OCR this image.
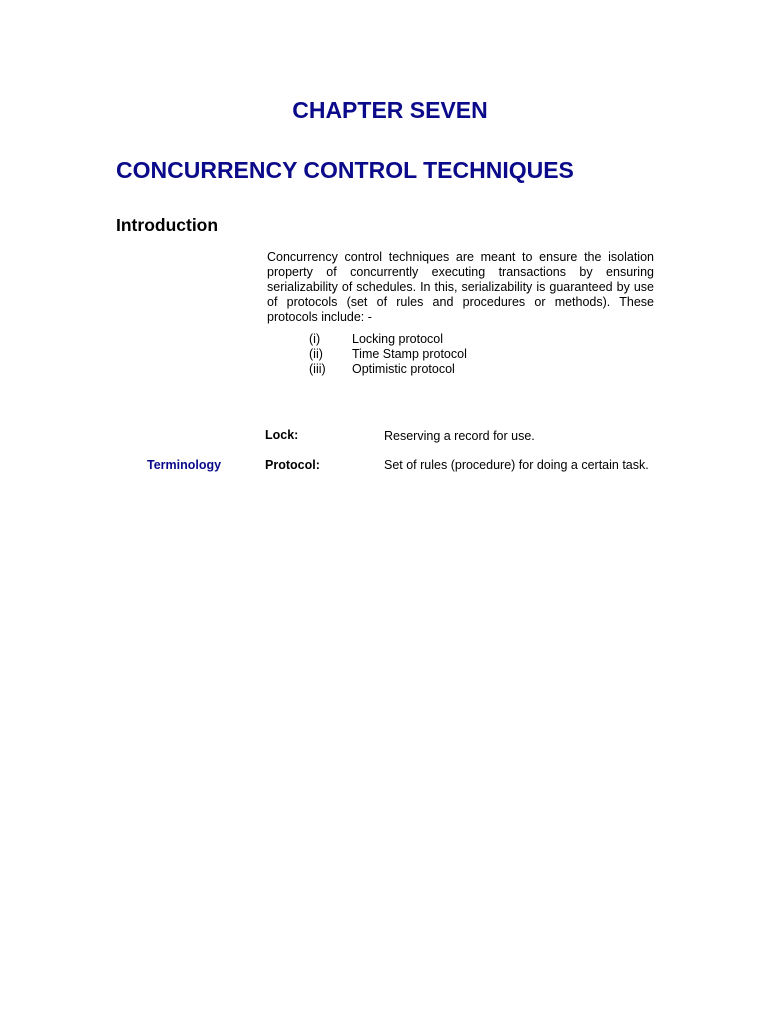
CHAPTER SEVEN
CONCURRENCY CONTROL TECHNIQUES
Introduction

Concurrency control techniques are meant to ensure the isolation property of concurrently executing transactions by ensuring serializability of schedules. In this, serializability is guaranteed by use of protocols (set of rules and procedures or methods). These protocols include: -

(i)	Locking protocol
(ii)	Time Stamp protocol
(iii)	Optimistic protocol

Terminology

Lock:	Reserving a record for use.

Protocol:	Set of rules (procedure) for doing a certain task.
